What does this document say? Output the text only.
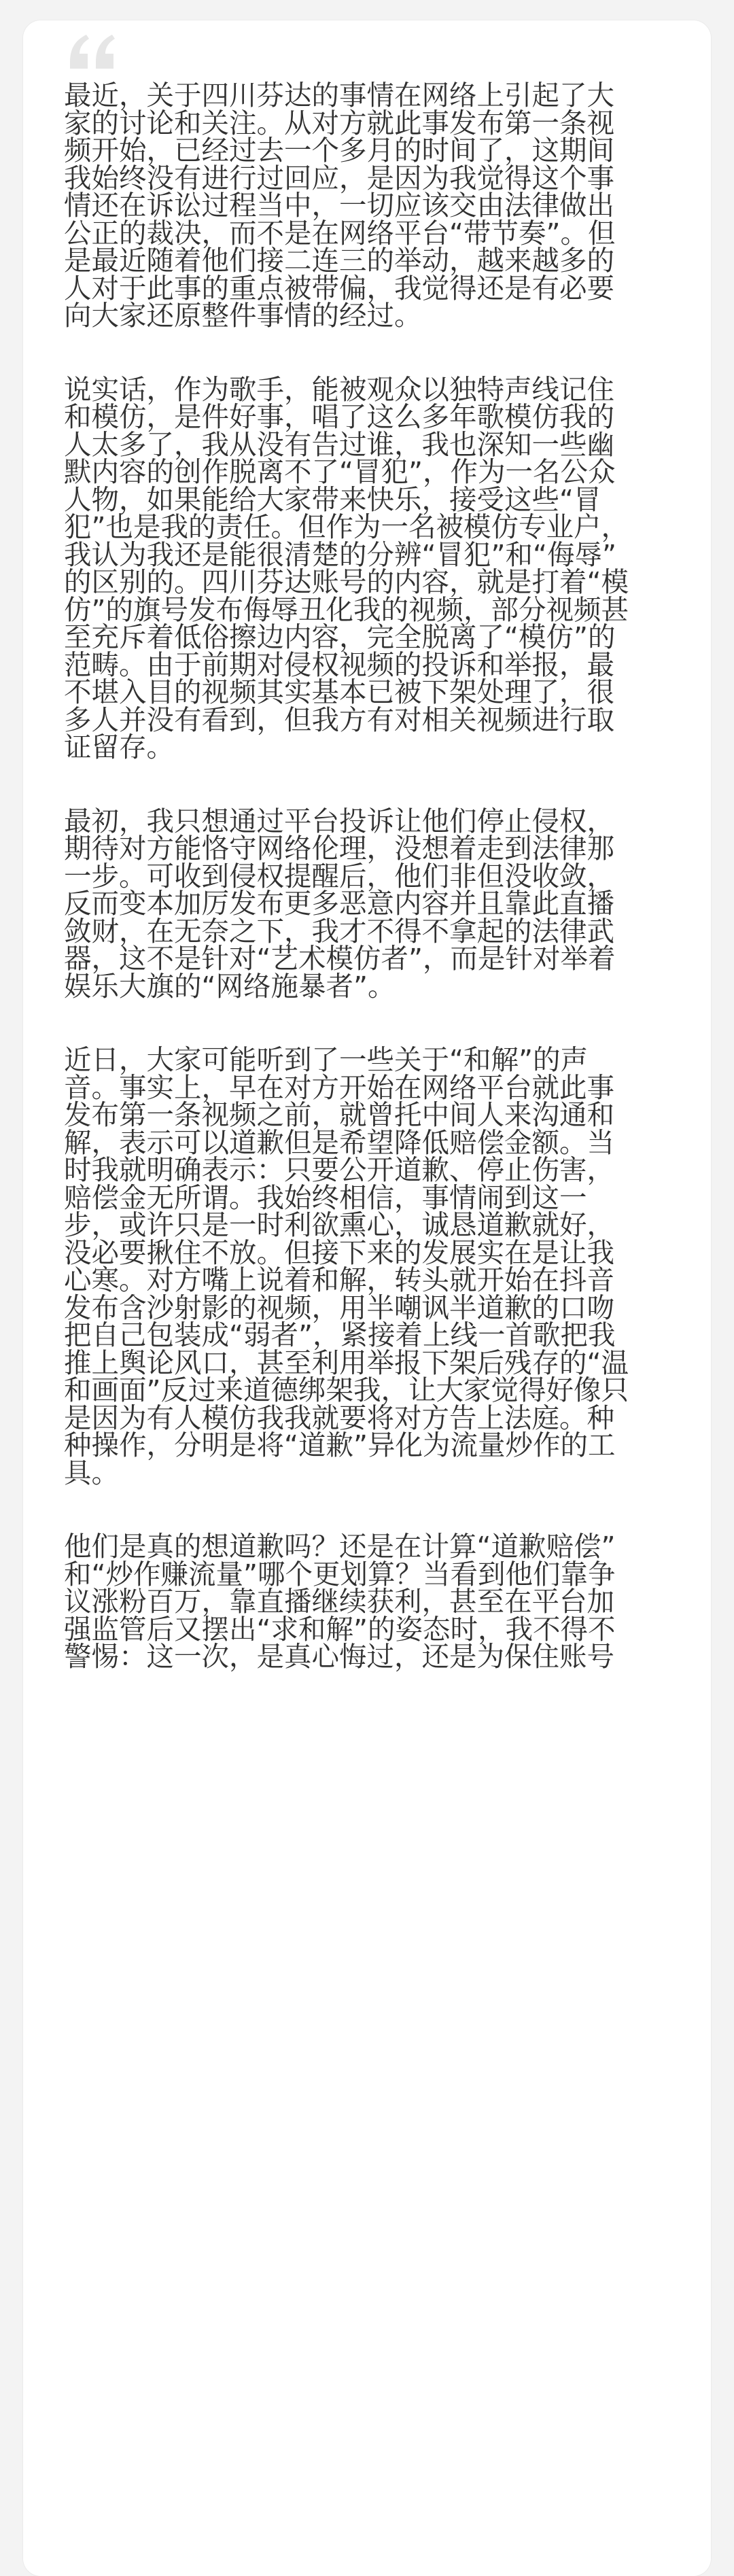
最近，关于四川芬达的事情在网络上引起了大
家的讨论和关注。从对方就此事发布第一条视
频开始，已经过去一个多月的时间了，这期间
我始终没有进行过回应，是因为我觉得这个事
情还在诉讼过程当中，一切应该交由法律做出
公正的裁决，而不是在网络平台“带节奏”。但
是最近随着他们接二连三的举动，越来越多的
人对于此事的重点被带偏，我觉得还是有必要
向大家还原整件事情的经过。
说实话，作为歌手，能被观众以独特声线记住
和模仿，是件好事，唱了这么多年歌模仿我的
人太多了，我从没有告过谁，我也深知一些幽
默内容的创作脱离不了“冒犯”，作为一名公众
人物，如果能给大家带来快乐，接受这些“冒
犯”也是我的责任。但作为一名被模仿专业户，
我认为我还是能很清楚的分辨“冒犯”和“侮辱”
的区别的。四川芬达账号的内容，就是打着“模
仿”的旗号发布侮辱丑化我的视频，部分视频甚
至充斥着低俗擦边内容，完全脱离了“模仿”的
范畴。由于前期对侵权视频的投诉和举报，最
不堪入目的视频其实基本已被下架处理了，很
多人并没有看到，但我方有对相关视频进行取
证留存。
最初，我只想通过平台投诉让他们停止侵权，
期待对方能恪守网络伦理，没想着走到法律那
一步。可收到侵权提醒后，他们非但没收敛，
反而变本加厉发布更多恶意内容并且靠此直播
敛财，在无奈之下，我才不得不拿起的法律武
器，这不是针对“艺术模仿者”，而是针对举着
娱乐大旗的“网络施暴者”。
近日，大家可能听到了一些关于“和解”的声
音。事实上，早在对方开始在网络平台就此事
发布第一条视频之前，就曾托中间人来沟通和
解，表示可以道歉但是希望降低赔偿金额。当
时我就明确表示：只要公开道歉、停止伤害，
赔偿金无所谓。我始终相信，事情闹到这一
步，或许只是一时利欲熏心，诚恳道歉就好，
没必要揪住不放。但接下来的发展实在是让我
心寒。对方嘴上说着和解，转头就开始在抖音
发布含沙射影的视频，用半嘲讽半道歉的口吻
把自己包装成“弱者”，紧接着上线一首歌把我
推上舆论风口，甚至利用举报下架后残存的“温
和画面”反过来道德绑架我，让大家觉得好像只
是因为有人模仿我我就要将对方告上法庭。种
种操作，分明是将“道歉”异化为流量炒作的工
具。
他们是真的想道歉吗？还是在计算“道歉赔偿”
和“炒作赚流量”哪个更划算？当看到他们靠争
议涨粉百万，靠直播继续获利，甚至在平台加
强监管后又摆出“求和解”的姿态时，我不得不
警惕：这一次，是真心悔过，还是为保住账号
